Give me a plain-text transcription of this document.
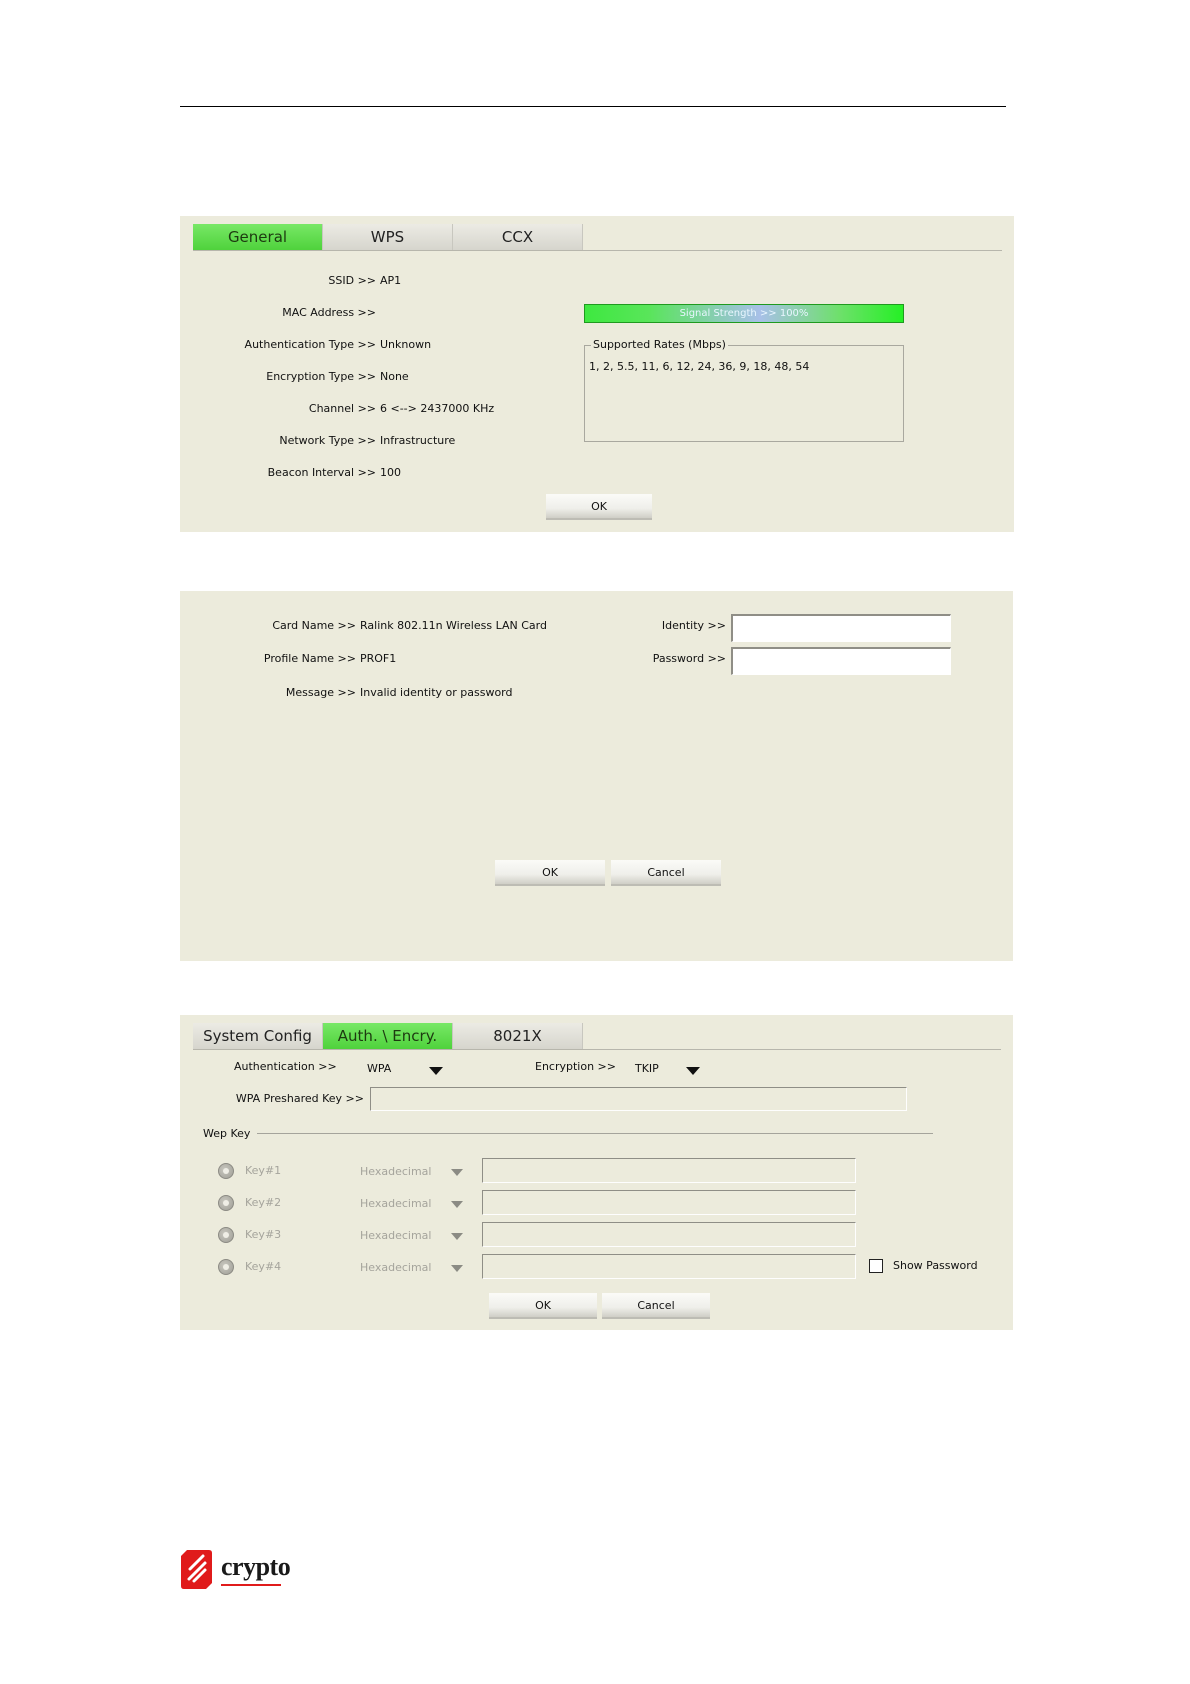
General	WPS	CCX
SSID >> AP1
MAC Address >>
Authentication Type >> Unknown
Encryption Type >> None
Channel >> 6 <--> 2437000 KHz
Network Type >> Infrastructure
Beacon Interval >> 100
Signal Strength >> 100%
Supported Rates (Mbps)
1, 2, 5.5, 11, 6, 12, 24, 36, 9, 18, 48, 54
OK
Card Name >> Ralink 802.11n Wireless LAN Card
Profile Name >> PROF1
Message >> Invalid identity or password
Identity >>
Password >>
OK	Cancel
System Config	Auth. \ Encry.	8021X
Authentication >>	WPA	Encryption >> TKIP
WPA Preshared Key >>
Wep Key
Key#1	Hexadecimal
Key#2	Hexadecimal
Key#3	Hexadecimal
Key#4	Hexadecimal	Show Password
OK	Cancel
crypto
